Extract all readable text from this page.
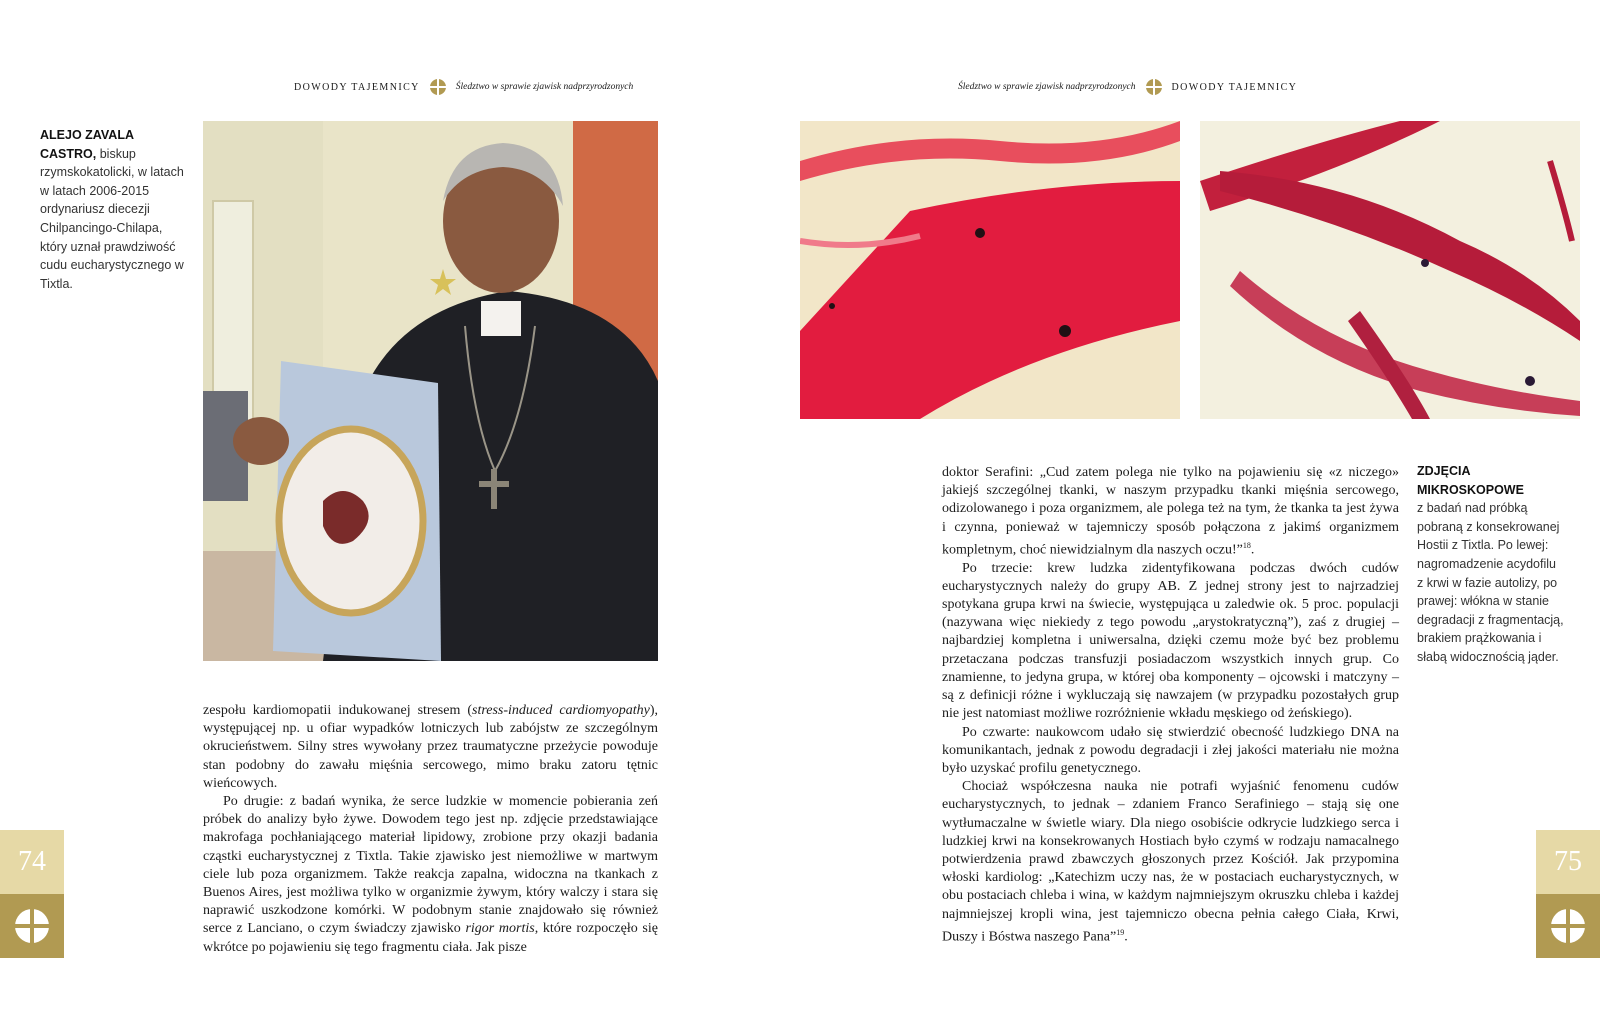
DOWODY TAJEMNICY	Śledztwo w sprawie zjawisk nadprzyrodzonych	Śledztwo w sprawie zjawisk nadprzyrodzonych	DOWODY TAJEMNICY
ALEJO ZAVALA CASTRO, biskup rzymskokatolicki, w latach w latach 2006-2015 ordynariusz diecezji Chilpancingo-Chilapa, który uznał prawdziwość cudu eucharystycznego w Tixtla.

zespołu kardiomopatii indukowanej stresem (stress-induced cardiomyopathy), występującej np. u ofiar wypadków lotniczych lub zabójstw ze szczególnym okrucieństwem. Silny stres wywołany przez traumatyczne przeżycie powoduje stan podobny do zawału mięśnia sercowego, mimo braku zatoru tętnic wieńcowych.

Po drugie: z badań wynika, że serce ludzkie w momencie pobierania zeń próbek do analizy było żywe. Dowodem tego jest np. zdjęcie przedstawiające makrofaga pochłaniającego materiał lipidowy, zrobione przy okazji badania cząstki eucharystycznej z Tixtla. Takie zjawisko jest niemożliwe w martwym ciele lub poza organizmem. Także reakcja zapalna, widoczna na tkankach z Buenos Aires, jest możliwa tylko w organizmie żywym, który walczy i stara się naprawić uszkodzone komórki. W podobnym stanie znajdowało się również serce z Lanciano, o czym świadczy zjawisko rigor mortis, które rozpoczęło się wkrótce po pojawieniu się tego fragmentu ciała. Jak pisze

doktor Serafini: „Cud zatem polega nie tylko na pojawieniu się «z niczego» jakiejś szczególnej tkanki, w naszym przypadku tkanki mięśnia sercowego, odizolowanego i poza organizmem, ale polega też na tym, że tkanka ta jest żywa i czynna, ponieważ w tajemniczy sposób połączona z jakimś organizmem kompletnym, choć niewidzialnym dla naszych oczu!”$^{18}$.

Po trzecie: krew ludzka zidentyfikowana podczas dwóch cudów eucharystycznych należy do grupy AB. Z jednej strony jest to najrzadziej spotykana grupa krwi na świecie, występująca u zaledwie ok. 5 proc. populacji (nazywana więc niekiedy z tego powodu „arystokratyczną”), zaś z drugiej – najbardziej kompletna i uniwersalna, dzięki czemu może być bez problemu przetaczana podczas transfuzji posiadaczom wszystkich innych grup. Co znamienne, to jedyna grupa, w której oba komponenty – ojcowski i matczyny – są z definicji różne i wykluczają się nawzajem (w przypadku pozostałych grup nie jest natomiast możliwe rozróżnienie wkładu męskiego od żeńskiego).

Po czwarte: naukowcom udało się stwierdzić obecność ludzkiego DNA na komunikantach, jednak z powodu degradacji i złej jakości materiału nie można było uzyskać profilu genetycznego.

Chociaż współczesna nauka nie potrafi wyjaśnić fenomenu cudów eucharystycznych, to jednak – zdaniem Franco Serafiniego – stają się one wytłumaczalne w świetle wiary. Dla niego osobiście odkrycie ludzkiego serca i ludzkiej krwi na konsekrowanych Hostiach było czymś w rodzaju namacalnego potwierdzenia prawd zbawczych głoszonych przez Kościół. Jak przypomina włoski kardiolog: „Katechizm uczy nas, że w postaciach eucharystycznych, w obu postaciach chleba i wina, w każdym najmniejszym okruszku chleba i każdej najmniejszej kropli wina, jest tajemniczo obecna pełnia całego Ciała, Krwi, Duszy i Bóstwa naszego Pana”$^{19}$.

ZDJĘCIA MIKROSKOPOWE
z badań nad próbką pobraną z konsekrowanej Hostii z Tixtla. Po lewej: nagromadzenie acydofilu z krwi w fazie autolizy, po prawej: włókna w stanie degradacji z fragmentacją, brakiem prążkowania i słabą widocznością jąder.
74	75
